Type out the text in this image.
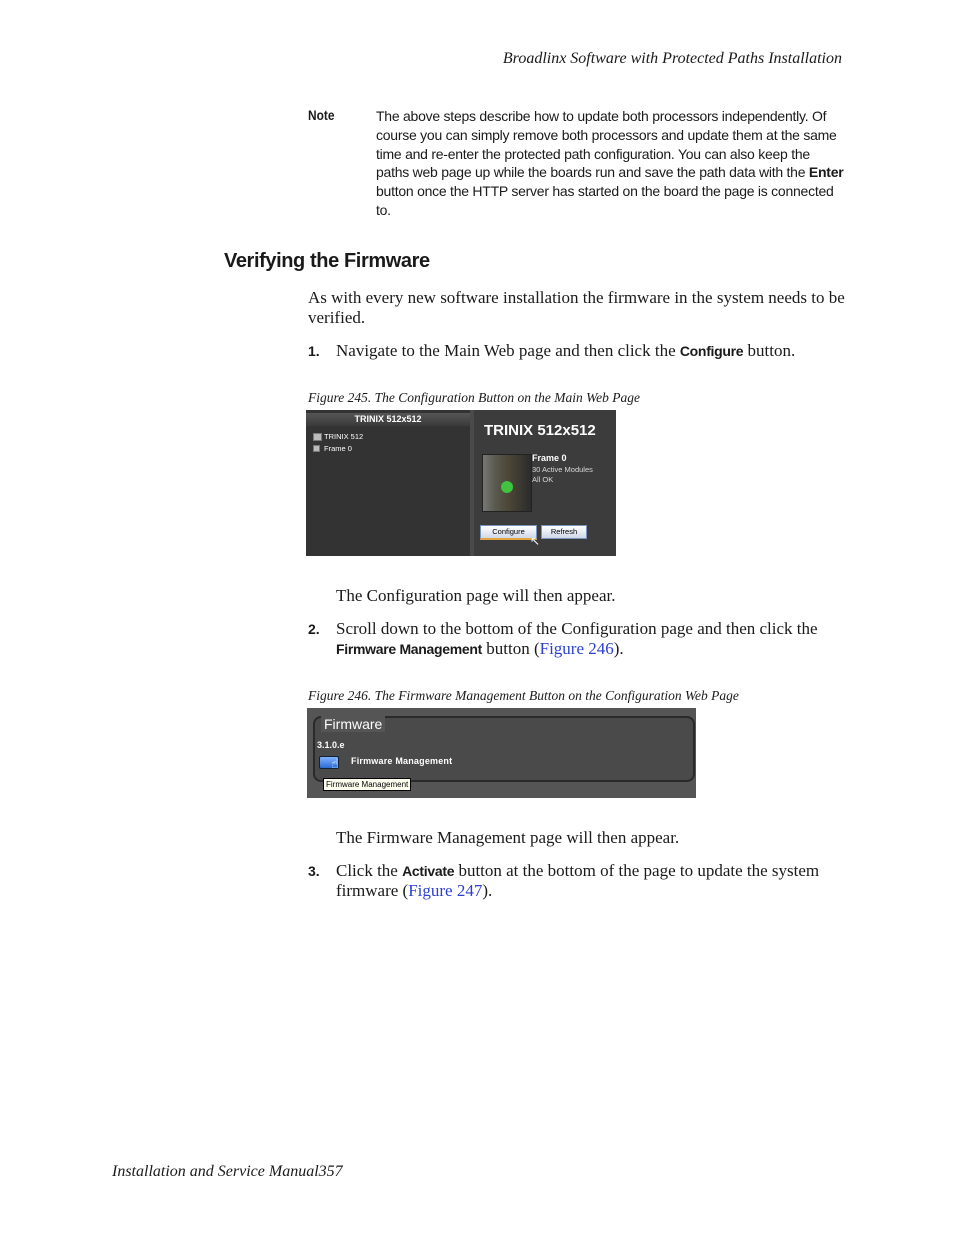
Broadlinx Software with Protected Paths Installation
Note	The above steps describe how to update both processors independently. Of course you can simply remove both processors and update them at the same time and re-enter the protected path configuration. You can also keep the paths web page up while the boards run and save the path data with the Enter button once the HTTP server has started on the board the page is connected to.
Verifying the Firmware
As with every new software installation the firmware in the system needs to be verified.
1. Navigate to the Main Web page and then click the Configure button.
Figure 245. The Configuration Button on the Main Web Page
TRINIX 512x512
TRINIX 512
Frame 0
TRINIX 512x512
Frame 0
30 Active Modules
All OK
Configure	Refresh
↖
The Configuration page will then appear.
2. Scroll down to the bottom of the Configuration page and then click the Firmware Management button (Figure 246).
Figure 246. The Firmware Management Button on the Configuration Web Page
Firmware
3.1.0.e
☝ Firmware Management
Firmware Management
The Firmware Management page will then appear.
3. Click the Activate button at the bottom of the page to update the system firmware (Figure 247).
Installation and Service Manual357
